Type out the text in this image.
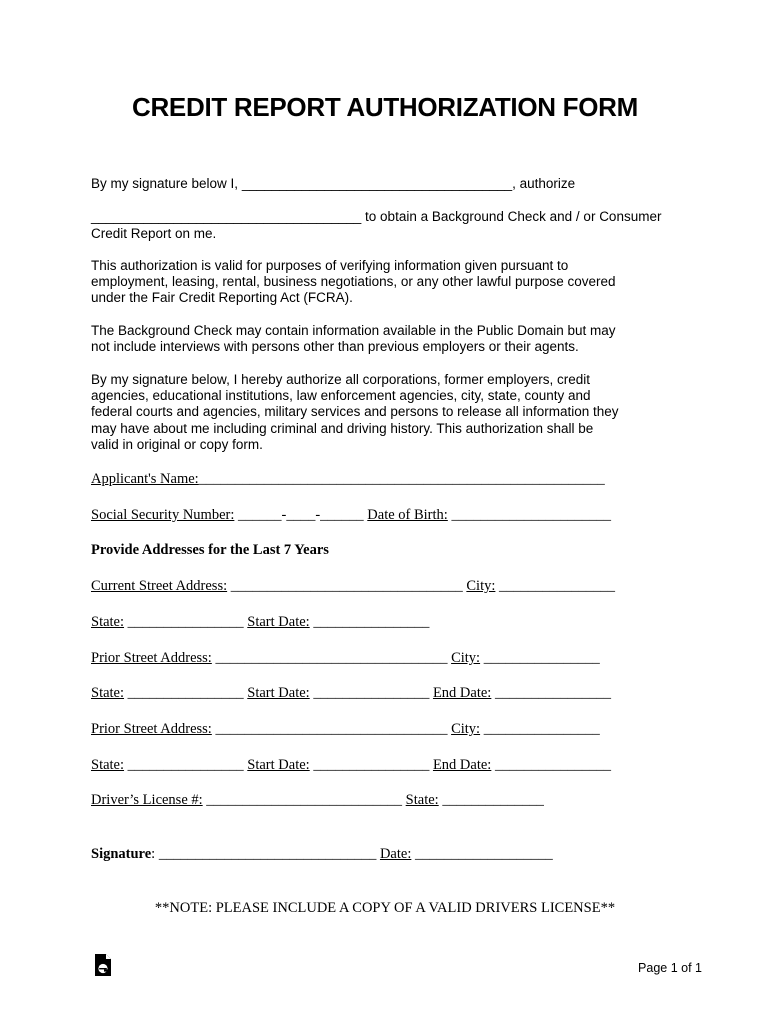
CREDIT REPORT AUTHORIZATION FORM
By my signature below I, ____________________________________, authorize
____________________________________ to obtain a Background Check and / or Consumer
Credit Report on me.
This authorization is valid for purposes of verifying information given pursuant to
employment, leasing, rental, business negotiations, or any other lawful purpose covered
under the Fair Credit Reporting Act (FCRA).
The Background Check may contain information available in the Public Domain but may
not include interviews with persons other than previous employers or their agents.
By my signature below, I hereby authorize all corporations, former employers, credit
agencies, educational institutions, law enforcement agencies, city, state, county and
federal courts and agencies, military services and persons to release all information they
may have about me including criminal and driving history. This authorization shall be
valid in original or copy form.
Applicant's Name:________________________________________________________
Social Security Number: ______-____-______ Date of Birth: ______________________
Provide Addresses for the Last 7 Years
Current Street Address: ________________________________ City: ________________
State: ________________ Start Date: ________________
Prior Street Address: ________________________________ City: ________________
State: ________________ Start Date: ________________ End Date: ________________
Prior Street Address: ________________________________ City: ________________
State: ________________ Start Date: ________________ End Date: ________________
Driver’s License #: ___________________________ State: ______________
Signature: ______________________________ Date: ___________________
**NOTE: PLEASE INCLUDE A COPY OF A VALID DRIVERS LICENSE**
Page 1 of 1
